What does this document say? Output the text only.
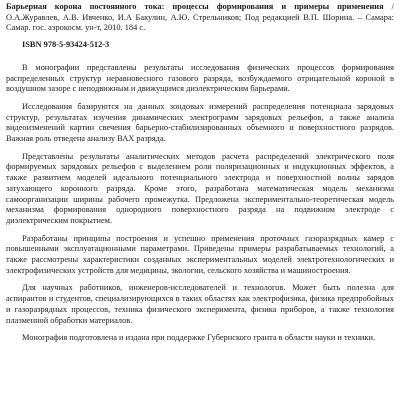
Барьерная корона постоянного тока: процессы формирования и примеры применения / О.А.Журавлев, А.В. Ивченко, И.А Бакулин, А.Ю. Стрельников; Под редакцией В.П. Шорина. – Самара: Самар. гос. аэрокосм. ун-т, 2010. 184 с.

ISBN 978-5-93424-512-3

В монографии представлены результаты исследования физических процессов формирования распределенных структур неравновесного газового разряда, возбуждаемого отрицательной короной в воздушном зазоре с неподвижным и движущимся диэлектрическим барьерами.

Исследования базируются на данных зондовых измерений распределения потенциала зарядовых структур, результатах изучения динамических электрограмм зарядовых рельефов, а также анализа видеоизменений картин свечения барьерно-стабилизированных объемного и поверхностного разрядов. Важная роль отведена анализу ВАХ разряда.

Представлены результаты аналитических методов расчета распределений электрического поля формируемых зарядовых рельефов с выделением роли поляризационных и индукционных эффектов, а также развитием моделей идеального потенциального электрода и поверхностной волны зарядов затухающего коронного разряда. Кроме этого, разработана математическая модель механизма самоорганизации ширины рабочего промежутка. Предложена экспериментально-теоретическая модель механизма формирования однородного поверхностного разряда на подвижном электроде с диэлектрическим покрытием.

Разработаны принципы построения и успешно применения проточных газоразрядных камер с повышенными эксплуатационными параметрами. Приведены примеры разрабатываемых технологий, а также рассмотрены характеристики созданных экспериментальных моделей электротехнологических и электрофизических устройств для медицины, экологии, сельского хозяйства и машиностроения.

Для научных работников, инженеров-исследователей и технологов. Может быть полезна для аспирантов и студентов, специализирующихся в таких областях как электрофизика, физика предпробойных и газоразрядных процессов, техника физического эксперимента, физика приборов, а также технология плазменной обработки материалов.

Монография подготовлена и издана при поддержке Губернского гранта в области науки и техники.
